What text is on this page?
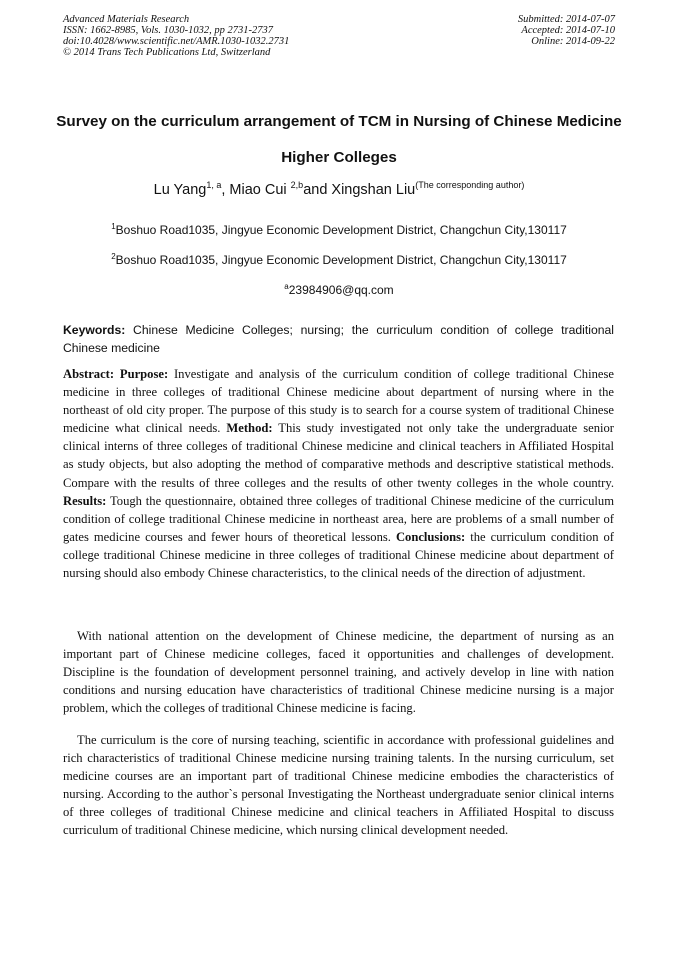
Advanced Materials Research
ISSN: 1662-8985, Vols. 1030-1032, pp 2731-2737
doi:10.4028/www.scientific.net/AMR.1030-1032.2731
© 2014 Trans Tech Publications Ltd, Switzerland
Submitted: 2014-07-07
Accepted: 2014-07-10
Online: 2014-09-22
Survey on the curriculum arrangement of TCM in Nursing of Chinese Medicine Higher Colleges
Lu Yang$^{1, a}$, Miao Cui $^{2,b}$and Xingshan Liu$^{(The corresponding author)}$
$^1$Boshuo Road1035, Jingyue Economic Development District, Changchun City,130117
$^2$Boshuo Road1035, Jingyue Economic Development District, Changchun City,130117
$^a$23984906@qq.com

Keywords: Chinese Medicine Colleges; nursing; the curriculum condition of college traditional Chinese medicine

Abstract: Purpose: Investigate and analysis of the curriculum condition of college traditional Chinese medicine in three colleges of traditional Chinese medicine about department of nursing where in the northeast of old city proper. The purpose of this study is to search for a course system of traditional Chinese medicine what clinical needs. Method: This study investigated not only take the undergraduate senior clinical interns of three colleges of traditional Chinese medicine and clinical teachers in Affiliated Hospital as study objects, but also adopting the method of comparative methods and descriptive statistical methods. Compare with the results of three colleges and the results of other twenty colleges in the whole country. Results: Tough the questionnaire, obtained three colleges of traditional Chinese medicine of the curriculum condition of college traditional Chinese medicine in northeast area, here are problems of a small number of gates medicine courses and fewer hours of theoretical lessons. Conclusions: the curriculum condition of college traditional Chinese medicine in three colleges of traditional Chinese medicine about department of nursing should also embody Chinese characteristics, to the clinical needs of the direction of adjustment.

With national attention on the development of Chinese medicine, the department of nursing as an important part of Chinese medicine colleges, faced it opportunities and challenges of development. Discipline is the foundation of development personnel training, and actively develop in line with nation conditions and nursing education have characteristics of traditional Chinese medicine nursing is a major problem, which the colleges of traditional Chinese medicine is facing.

The curriculum is the core of nursing teaching, scientific in accordance with professional guidelines and rich characteristics of traditional Chinese medicine nursing training talents. In the nursing curriculum, set medicine courses are an important part of traditional Chinese medicine embodies the characteristics of nursing. According to the author`s personal Investigating the Northeast undergraduate senior clinical interns of three colleges of traditional Chinese medicine and clinical teachers in Affiliated Hospital to discuss curriculum of traditional Chinese medicine, which nursing clinical development needed.
